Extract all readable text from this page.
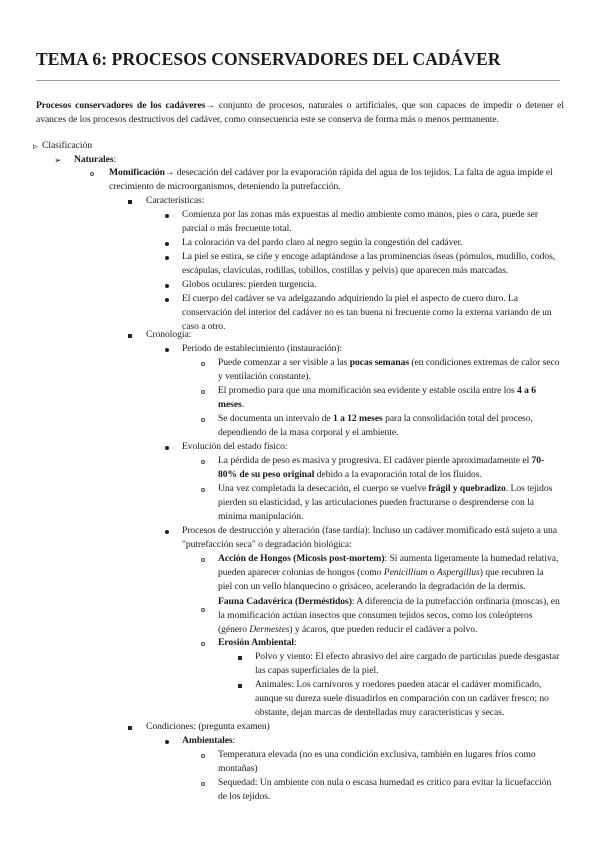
TEMA 6: PROCESOS CONSERVADORES DEL CADÁVER
Procesos conservadores de los cadáveres→ conjunto de procesos, naturales o artificiales, que son capaces de impedir o detener el avances de los procesos destructivos del cadáver, como consecuencia este se conserva de forma más o menos permanente.
▹ Clasificación
➢ Naturales:
Momificación→ desecación del cadáver por la evaporación rápida del agua de los tejidos. La falta de agua impide el crecimiento de microorganismos, deteniendo la putrefacción.
Características:
Comienza por las zonas más expuestas al medio ambiente como manos, pies o cara, puede ser parcial o más frecuente total.
La coloración va del pardo claro al negro según la congestión del cadáver.
La piel se estira, se ciñe y encoge adaptándose a las prominencias óseas (pómulos, mudillo, codos, escápulas, clavículas, rodillas, tobillos, costillas y pelvis) que aparecen más marcadas.
Globos oculares: pierden turgencia.
El cuerpo del cadáver se va adelgazando adquiriendo la piel el aspecto de cuero duro. La conservación del interior del cadáver no es tan buena ni frecuente como la externa variando de un caso a otro.
Cronología:
Periodo de establecimiento (instauración):
Puede comenzar a ser visible a las pocas semanas (en condiciones extremas de calor seco y ventilación constante).
El promedio para que una momificación sea evidente y estable oscila entre los 4 a 6 meses.
Se documenta un intervalo de 1 a 12 meses para la consolidación total del proceso, dependiendo de la masa corporal y el ambiente.
Evolución del estado físico:
La pérdida de peso es masiva y progresiva. El cadáver pierde aproximadamente el 70-80% de su peso original debido a la evaporación total de los fluidos.
Una vez completada la desecación, el cuerpo se vuelve frágil y quebradizo. Los tejidos pierden su elasticidad, y las articulaciones pueden fracturarse o desprenderse con la mínima manipulación.
Procesos de destrucción y alteración (fase tardía): Incluso un cadáver momificado está sujeto a una "putrefacción seca" o degradación biológica:
Acción de Hongos (Micosis post-mortem): Si aumenta ligeramente la humedad relativa, pueden aparecer colonias de hongos (como Penicillium o Aspergillus) que recubren la piel con un vello blanquecino o grisáceo, acelerando la degradación de la dermis.
Fauna Cadavérica (Derméstidos): A diferencia de la putrefacción ordinaria (moscas), en la momificación actúan insectos que consumen tejidos secos, como los coleópteros (género Dermestes) y ácaros, que pueden reducir el cadáver a polvo.
Erosión Ambiental:
Polvo y viento: El efecto abrasivo del aire cargado de partículas puede desgastar las capas superficiales de la piel.
Animales: Los carnívoros y roedores pueden atacar el cadáver momificado, aunque su dureza suele disuadirlos en comparación con un cadáver fresco; no obstante, dejan marcas de dentelladas muy características y secas.
Condiciones: (pregunta examen)
Ambientales:
Temperatura elevada (no es una condición exclusiva, también en lugares fríos como montañas)
Sequedad: Un ambiente con nula o escasa humedad es crítico para evitar la licuefacción de los tejidos.
